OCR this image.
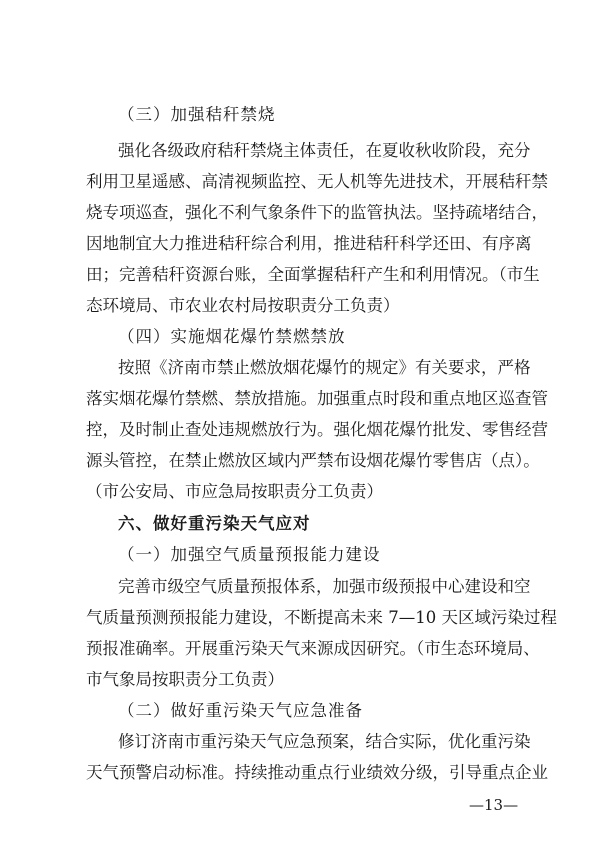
（三）加强秸秆禁烧
强化各级政府秸秆禁烧主体责任，在夏收秋收阶段，充分
利用卫星遥感、高清视频监控、无人机等先进技术，开展秸秆禁
烧专项巡查，强化不利气象条件下的监管执法。坚持疏堵结合，
因地制宜大力推进秸秆综合利用，推进秸秆科学还田、有序离
田；完善秸秆资源台账，全面掌握秸秆产生和利用情况。（市生
态环境局、市农业农村局按职责分工负责）
（四）实施烟花爆竹禁燃禁放
按照《济南市禁止燃放烟花爆竹的规定》有关要求，严格
落实烟花爆竹禁燃、禁放措施。加强重点时段和重点地区巡查管
控，及时制止查处违规燃放行为。强化烟花爆竹批发、零售经营
源头管控，在禁止燃放区域内严禁布设烟花爆竹零售店（点）。
（市公安局、市应急局按职责分工负责）
六、做好重污染天气应对
（一）加强空气质量预报能力建设
完善市级空气质量预报体系，加强市级预报中心建设和空
气质量预测预报能力建设，不断提高未来 7—10 天区域污染过程
预报准确率。开展重污染天气来源成因研究。（市生态环境局、
市气象局按职责分工负责）
（二）做好重污染天气应急准备
修订济南市重污染天气应急预案，结合实际，优化重污染
天气预警启动标准。持续推动重点行业绩效分级，引导重点企业
—13—
